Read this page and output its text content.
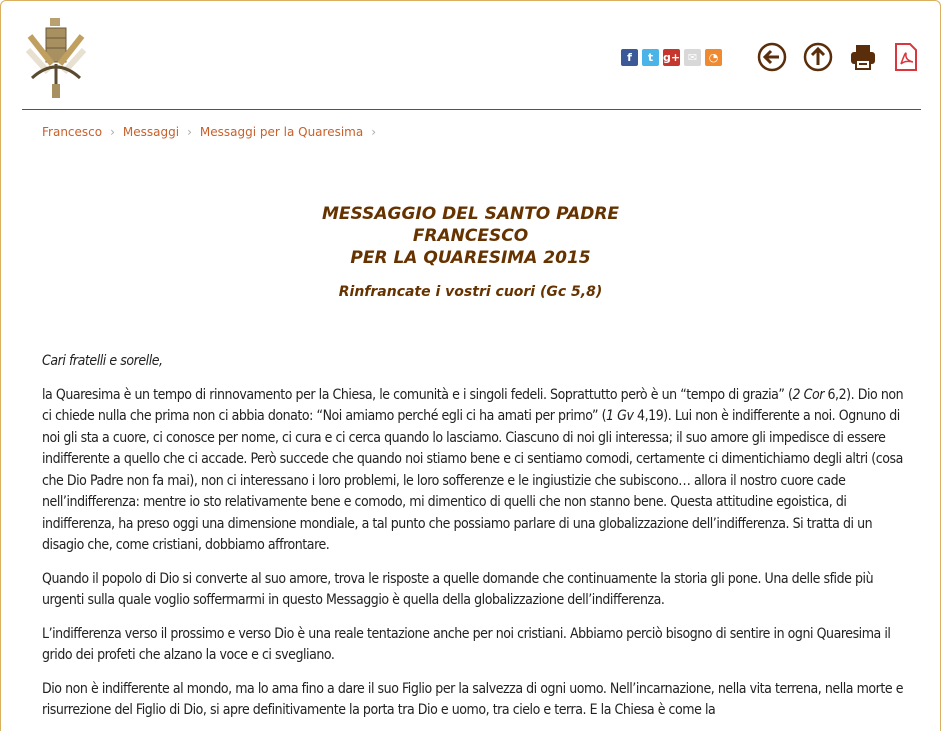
f	t g+ ✉	◔
Francesco › Messaggi › Messaggi per la Quaresima ›
MESSAGGIO DEL SANTO PADRE
FRANCESCO
PER LA QUARESIMA 2015
Rinfrancate i vostri cuori (Gc 5,8)

Cari fratelli e sorelle,

la Quaresima è un tempo di rinnovamento per la Chiesa, le comunità e i singoli fedeli. Soprattutto però è un “tempo di grazia” (2 Cor 6,2). Dio non ci chiede nulla che prima non ci abbia donato: “Noi amiamo perché egli ci ha amati per primo” (1 Gv 4,19). Lui non è indifferente a noi. Ognuno di noi gli sta a cuore, ci conosce per nome, ci cura e ci cerca quando lo lasciamo. Ciascuno di noi gli interessa; il suo amore gli impedisce di essere indifferente a quello che ci accade. Però succede che quando noi stiamo bene e ci sentiamo comodi, certamente ci dimentichiamo degli altri (cosa che Dio Padre non fa mai), non ci interessano i loro problemi, le loro sofferenze e le ingiustizie che subiscono… allora il nostro cuore cade nell’indifferenza: mentre io sto relativamente bene e comodo, mi dimentico di quelli che non stanno bene. Questa attitudine egoistica, di indifferenza, ha preso oggi una dimensione mondiale, a tal punto che possiamo parlare di una globalizzazione dell’indifferenza. Si tratta di un disagio che, come cristiani, dobbiamo affrontare.

Quando il popolo di Dio si converte al suo amore, trova le risposte a quelle domande che continuamente la storia gli pone. Una delle sfide più urgenti sulla quale voglio soffermarmi in questo Messaggio è quella della globalizzazione dell’indifferenza.

L’indifferenza verso il prossimo e verso Dio è una reale tentazione anche per noi cristiani. Abbiamo perciò bisogno di sentire in ogni Quaresima il grido dei profeti che alzano la voce e ci svegliano.

Dio non è indifferente al mondo, ma lo ama fino a dare il suo Figlio per la salvezza di ogni uomo. Nell’incarnazione, nella vita terrena, nella morte e risurrezione del Figlio di Dio, si apre definitivamente la porta tra Dio e uomo, tra cielo e terra. E la Chiesa è come la
